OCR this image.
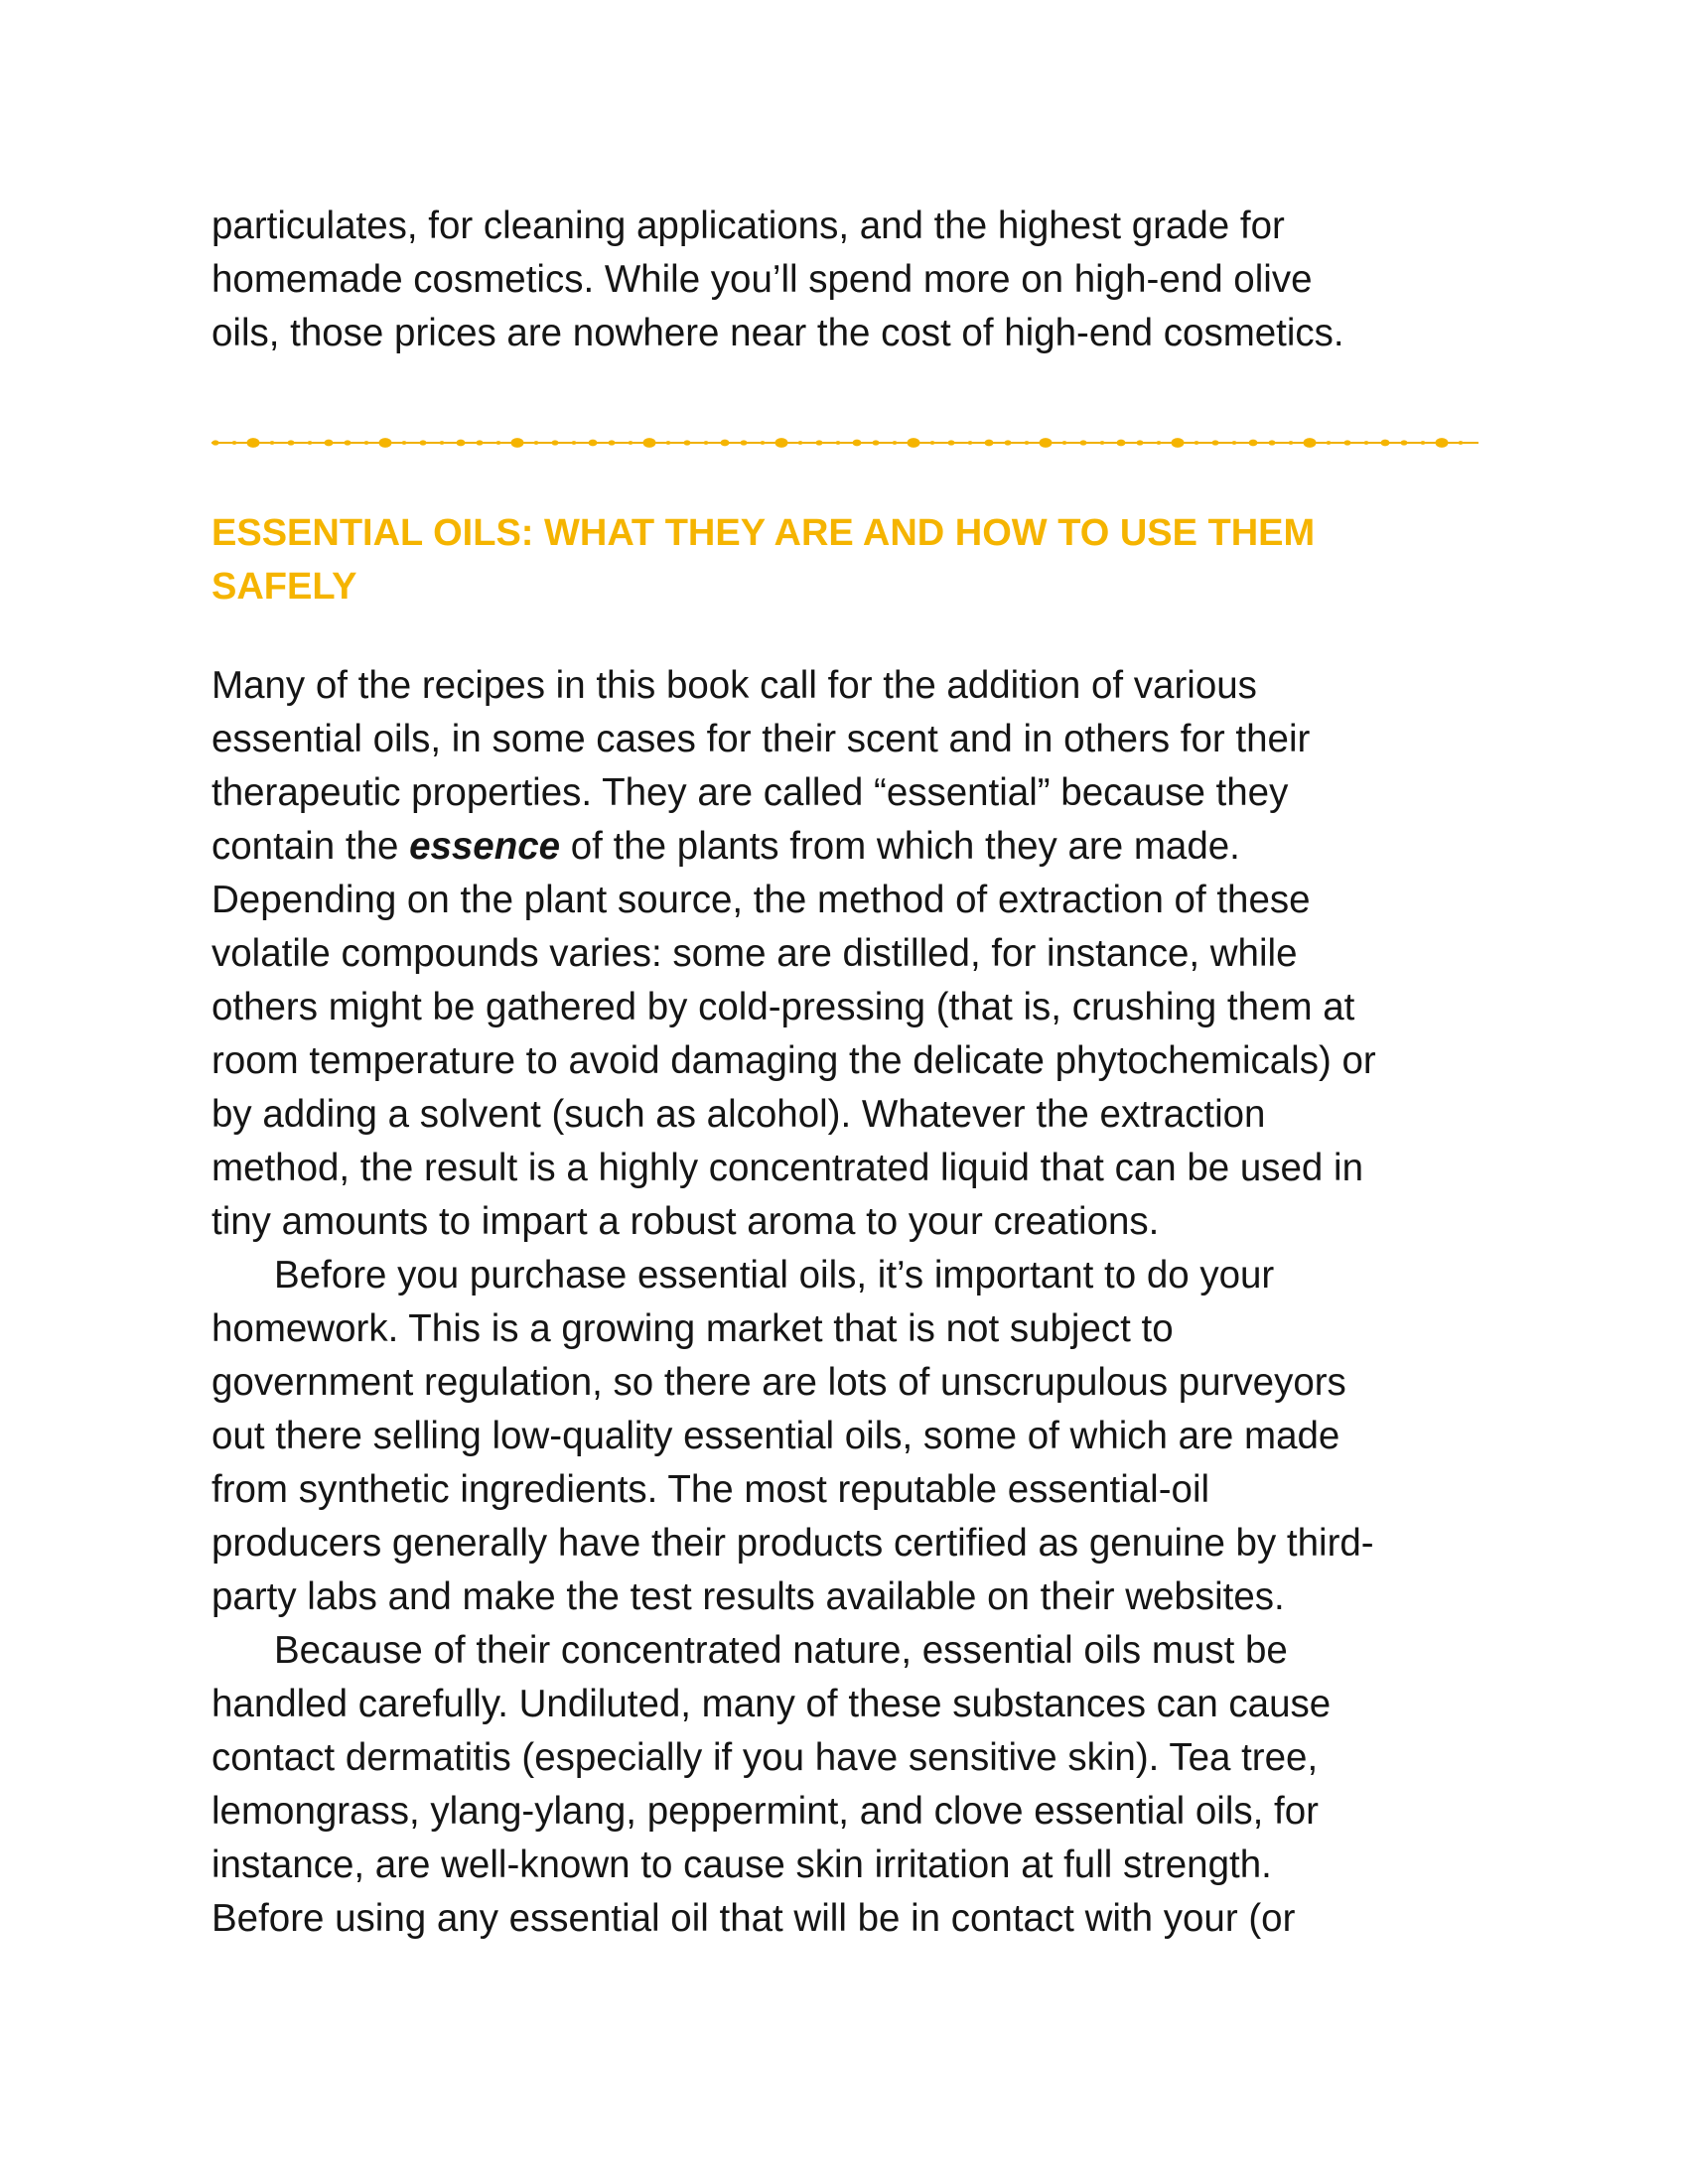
particulates, for cleaning applications, and the highest grade for
homemade cosmetics. While you’ll spend more on high-end olive
oils, those prices are nowhere near the cost of high-end cosmetics.

ESSENTIAL OILS: WHAT THEY ARE AND HOW TO USE THEM
SAFELY

Many of the recipes in this book call for the addition of various
essential oils, in some cases for their scent and in others for their
therapeutic properties. They are called “essential” because they
contain the essence of the plants from which they are made.
Depending on the plant source, the method of extraction of these
volatile compounds varies: some are distilled, for instance, while
others might be gathered by cold-pressing (that is, crushing them at
room temperature to avoid damaging the delicate phytochemicals) or
by adding a solvent (such as alcohol). Whatever the extraction
method, the result is a highly concentrated liquid that can be used in
tiny amounts to impart a robust aroma to your creations.

Before you purchase essential oils, it’s important to do your
homework. This is a growing market that is not subject to
government regulation, so there are lots of unscrupulous purveyors
out there selling low-quality essential oils, some of which are made
from synthetic ingredients. The most reputable essential-oil
producers generally have their products certified as genuine by third-
party labs and make the test results available on their websites.

Because of their concentrated nature, essential oils must be
handled carefully. Undiluted, many of these substances can cause
contact dermatitis (especially if you have sensitive skin). Tea tree,
lemongrass, ylang-ylang, peppermint, and clove essential oils, for
instance, are well-known to cause skin irritation at full strength.
Before using any essential oil that will be in contact with your (or
